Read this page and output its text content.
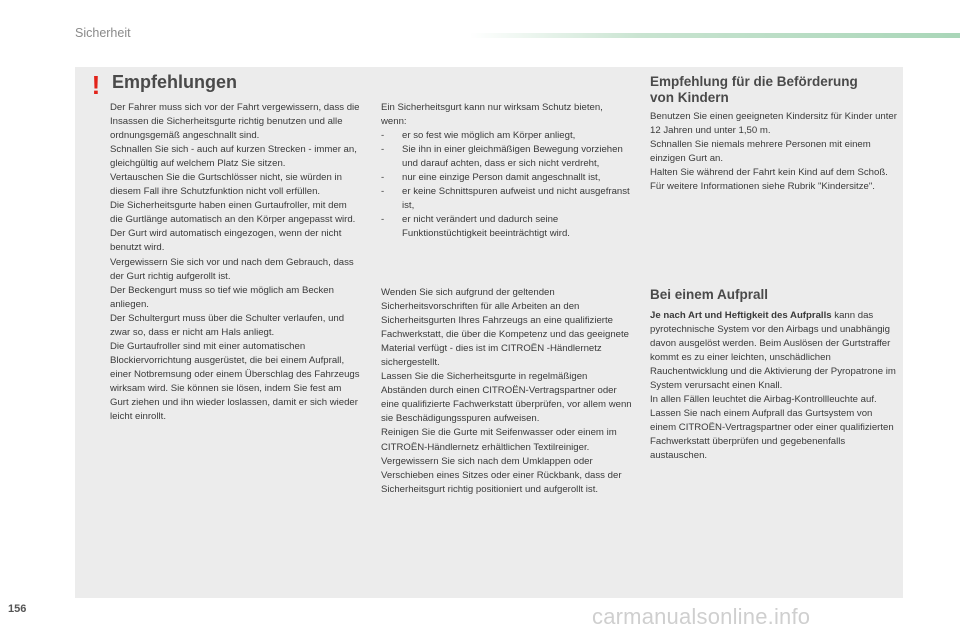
Sicherheit
! Empfehlungen

Der Fahrer muss sich vor der Fahrt vergewissern, dass die Insassen die Sicherheitsgurte richtig benutzen und alle ordnungsgemäß angeschnallt sind.

Schnallen Sie sich - auch auf kurzen Strecken - immer an, gleichgültig auf welchem Platz Sie sitzen.

Vertauschen Sie die Gurtschlösser nicht, sie würden in diesem Fall ihre Schutzfunktion nicht voll erfüllen.

Die Sicherheitsgurte haben einen Gurtaufroller, mit dem die Gurtlänge automatisch an den Körper angepasst wird. Der Gurt wird automatisch eingezogen, wenn der nicht benutzt wird.

Vergewissern Sie sich vor und nach dem Gebrauch, dass der Gurt richtig aufgerollt ist.

Der Beckengurt muss so tief wie möglich am Becken anliegen.

Der Schultergurt muss über die Schulter verlaufen, und zwar so, dass er nicht am Hals anliegt.

Die Gurtaufroller sind mit einer automatischen Blockiervorrichtung ausgerüstet, die bei einem Aufprall, einer Notbremsung oder einem Überschlag des Fahrzeugs wirksam wird. Sie können sie lösen, indem Sie fest am Gurt ziehen und ihn wieder loslassen, damit er sich wieder leicht einrollt.

Ein Sicherheitsgurt kann nur wirksam Schutz bieten, wenn:

- er so fest wie möglich am Körper anliegt,
- Sie ihn in einer gleichmäßigen Bewegung vorziehen und darauf achten, dass er sich nicht verdreht,
- nur eine einzige Person damit angeschnallt ist,
- er keine Schnittspuren aufweist und nicht ausgefranst ist,
- er nicht verändert und dadurch seine Funktionstüchtigkeit beeinträchtigt wird.

Wenden Sie sich aufgrund der geltenden Sicherheitsvorschriften für alle Arbeiten an den Sicherheitsgurten Ihres Fahrzeugs an eine qualifizierte Fachwerkstatt, die über die Kompetenz und das geeignete Material verfügt - dies ist im CITROËN -Händlernetz sichergestellt.

Lassen Sie die Sicherheitsgurte in regelmäßigen Abständen durch einen CITROËN-Vertragspartner oder eine qualifizierte Fachwerkstatt überprüfen, vor allem wenn sie Beschädigungsspuren aufweisen.

Reinigen Sie die Gurte mit Seifenwasser oder einem im CITROËN-Händlernetz erhältlichen Textilreiniger.

Vergewissern Sie sich nach dem Umklappen oder Verschieben eines Sitzes oder einer Rückbank, dass der Sicherheitsgurt richtig positioniert und aufgerollt ist.

Empfehlung für die Beförderung
von Kindern

Benutzen Sie einen geeigneten Kindersitz für Kinder unter 12 Jahren und unter 1,50 m.

Schnallen Sie niemals mehrere Personen mit einem einzigen Gurt an.

Halten Sie während der Fahrt kein Kind auf dem Schoß.

Für weitere Informationen siehe Rubrik "Kindersitze".

Bei einem Aufprall

Je nach Art und Heftigkeit des Aufpralls kann das pyrotechnische System vor den Airbags und unabhängig davon ausgelöst werden. Beim Auslösen der Gurtstraffer kommt es zu einer leichten, unschädlichen Rauchentwicklung und die Aktivierung der Pyropatrone im System verursacht einen Knall.

In allen Fällen leuchtet die Airbag-Kontrollleuchte auf.

Lassen Sie nach einem Aufprall das Gurtsystem von einem CITROËN-Vertragspartner oder einer qualifizierten Fachwerkstatt überprüfen und gegebenenfalls austauschen.

156	carmanualsonline.info
